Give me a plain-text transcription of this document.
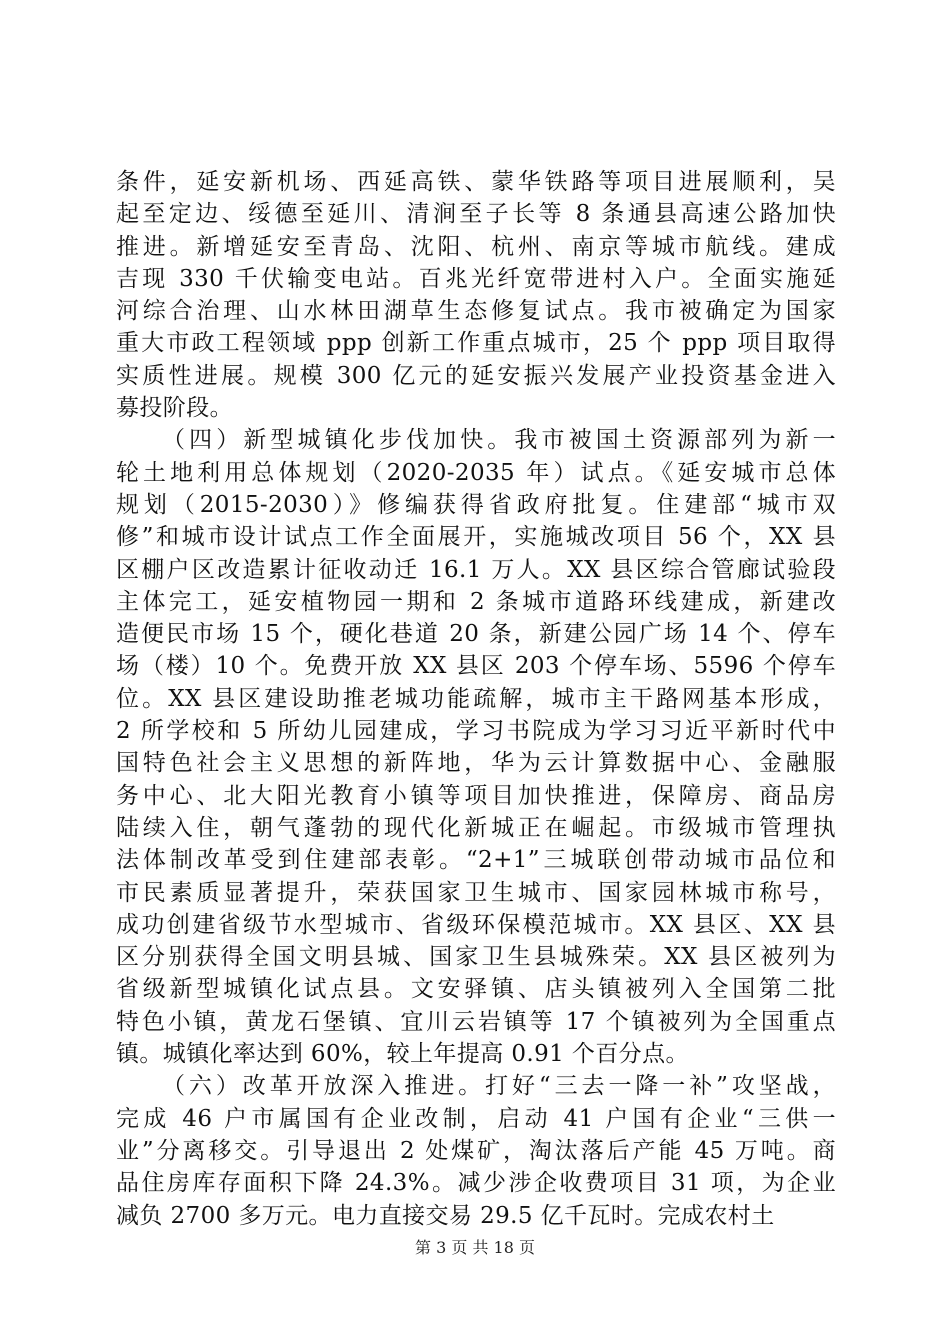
条件，延安新机场、西延高铁、蒙华铁路等项目进展顺利，吴
起至定边、绥德至延川、清涧至子长等 8 条通县高速公路加快
推进。新增延安至青岛、沈阳、杭州、南京等城市航线。建成
吉现 330 千伏输变电站。百兆光纤宽带进村入户。全面实施延
河综合治理、山水林田湖草生态修复试点。我市被确定为国家
重大市政工程领域 ppp 创新工作重点城市，25 个 ppp 项目取得
实质性进展。规模 300 亿元的延安振兴发展产业投资基金进入
募投阶段。
（四）新型城镇化步伐加快。我市被国土资源部列为新一
轮土地利用总体规划（2020-2035 年）试点。《延安城市总体
规划（2015-2030）》修编获得省政府批复。住建部“城市双
修”和城市设计试点工作全面展开，实施城改项目 56 个，XX 县
区棚户区改造累计征收动迁 16.1 万人。XX 县区综合管廊试验段
主体完工，延安植物园一期和 2 条城市道路环线建成，新建改
造便民市场 15 个，硬化巷道 20 条，新建公园广场 14 个、停车
场（楼）10 个。免费开放 XX 县区 203 个停车场、5596 个停车
位。XX 县区建设助推老城功能疏解，城市主干路网基本形成，
2 所学校和 5 所幼儿园建成，学习书院成为学习习近平新时代中
国特色社会主义思想的新阵地，华为云计算数据中心、金融服
务中心、北大阳光教育小镇等项目加快推进，保障房、商品房
陆续入住，朝气蓬勃的现代化新城正在崛起。市级城市管理执
法体制改革受到住建部表彰。“2+1”三城联创带动城市品位和
市民素质显著提升，荣获国家卫生城市、国家园林城市称号，
成功创建省级节水型城市、省级环保模范城市。XX 县区、XX 县
区分别获得全国文明县城、国家卫生县城殊荣。XX 县区被列为
省级新型城镇化试点县。文安驿镇、店头镇被列入全国第二批
特色小镇，黄龙石堡镇、宜川云岩镇等 17 个镇被列为全国重点
镇。城镇化率达到 60%，较上年提高 0.91 个百分点。
（六）改革开放深入推进。打好“三去一降一补”攻坚战，
完成 46 户市属国有企业改制，启动 41 户国有企业“三供一
业”分离移交。引导退出 2 处煤矿，淘汰落后产能 45 万吨。商
品住房库存面积下降 24.3%。减少涉企收费项目 31 项，为企业
减负 2700 多万元。电力直接交易 29.5 亿千瓦时。完成农村土
第 3 页 共 18 页
